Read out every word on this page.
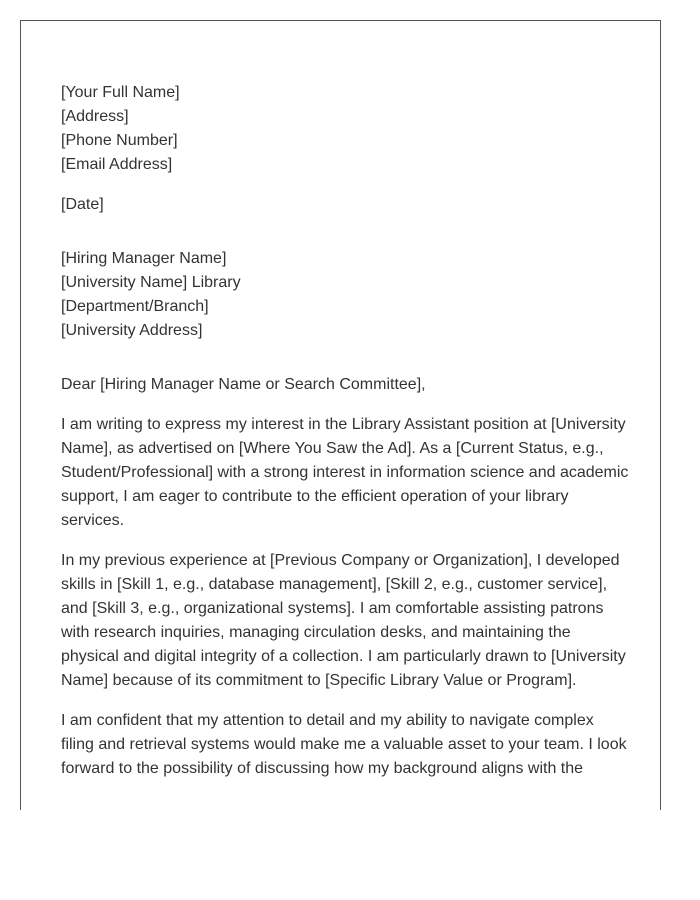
[Your Full Name]

[Address]

[Phone Number]

[Email Address]

[Date]

[Hiring Manager Name]

[University Name] Library

[Department/Branch]

[University Address]

Dear [Hiring Manager Name or Search Committee],

I am writing to express my interest in the Library Assistant position at [University Name], as advertised on [Where You Saw the Ad]. As a [Current Status, e.g., Student/Professional] with a strong interest in information science and academic support, I am eager to contribute to the efficient operation of your library services.

In my previous experience at [Previous Company or Organization], I developed skills in [Skill 1, e.g., database management], [Skill 2, e.g., customer service], and [Skill 3, e.g., organizational systems]. I am comfortable assisting patrons with research inquiries, managing circulation desks, and maintaining the physical and digital integrity of a collection. I am particularly drawn to [University Name] because of its commitment to [Specific Library Value or Program].

I am confident that my attention to detail and my ability to navigate complex filing and retrieval systems would make me a valuable asset to your team. I look forward to the possibility of discussing how my background aligns with the
